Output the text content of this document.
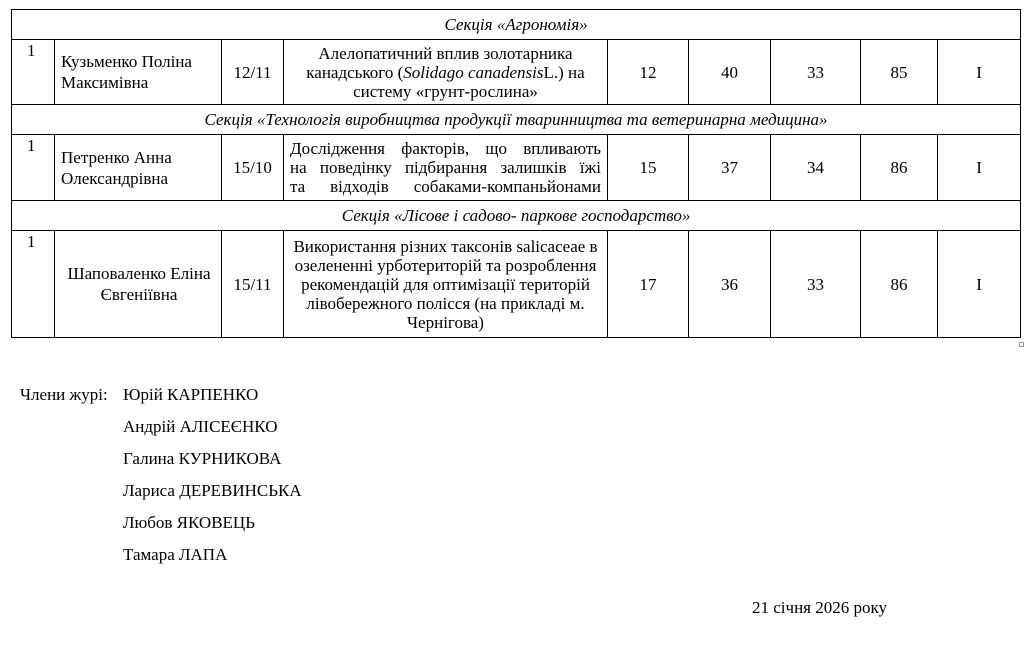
Секція «Агрономія»								
1	Кузьменко Поліна Максимівна	12/11	Алелопатичний вплив золотарника канадського (Solidago canadensisL.) на систему «грунт-рослина»	12	40	33	85	І
Секція «Технологія виробництва продукції тваринництва та ветеринарна медицина»								
1	Петренко Анна Олександрівна	15/10	Дослідження факторів, що впливають
на поведінку підбирання залишків їжі
та відходів собаками-компаньйонами	15	37	34	86	І
Секція «Лісове і садово- паркове господарство»								
1	Шаповаленко Еліна Євгеніївна	15/11	Використання різних таксонів salicaceae в озелененні урботериторій та розроблення рекомендацій для оптимізації територій лівобережного полісся (на прикладі м. Чернігова)	17	36	33	86	І
Члени журі: Юрій КАРПЕНКО
Андрій АЛІСЕЄНКО
Галина КУРНИКОВА
Лариса ДЕРЕВИНСЬКА
Любов ЯКОВЕЦЬ
Тамара ЛАПА
21 січня 2026 року
